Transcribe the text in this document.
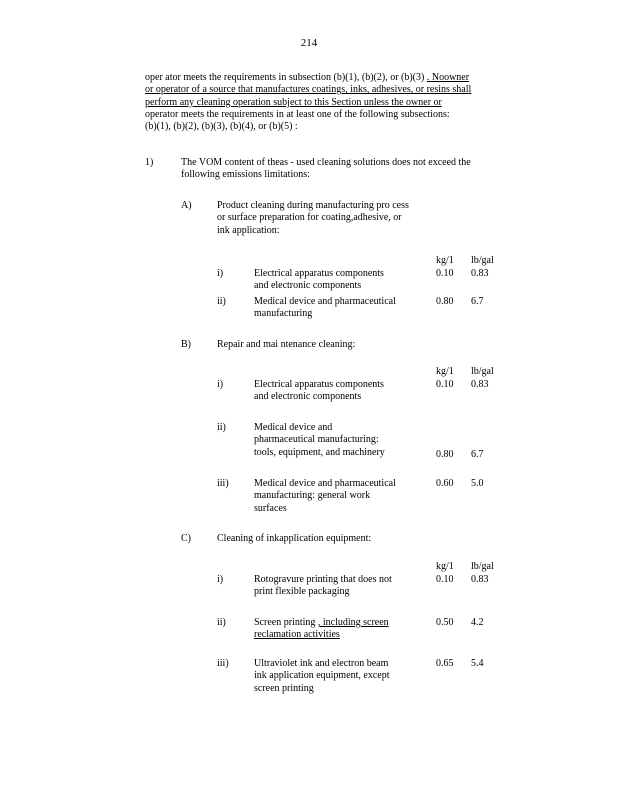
214

oper ator meets the requirements in subsection (b)(1), (b)(2), or (b)(3) . Noowner

or operator of a source that manufactures coatings, inks, adhesives, or resins shall

perform any cleaning operation subject to this Section unless the owner or

operator meets the requirements in at least one of the following subsections:

(b)(1), (b)(2), (b)(3), (b)(4), or (b)(5) :

1)	The VOM content of theas - used cleaning solutions does not exceed the
following emissions limitations:
A)	Product cleaning during manufacturing pro cess
or surface preparation for coating,adhesive, or
ink application:
kg/1 lb/gal
i)	Electrical apparatus components
and electronic components
0.10 0.83
ii)	Medical device and pharmaceutical
manufacturing
0.80 6.7
B)	Repair and mai ntenance cleaning:
kg/1 lb/gal
i)	Electrical apparatus components
and electronic components
0.10 0.83
ii)	Medical device and
pharmaceutical manufacturing:
tools, equipment, and machinery	0.80 6.7
iii)	Medical device and pharmaceutical
manufacturing: general work
surfaces
0.60 5.0
C)	Cleaning of inkapplication equipment:
kg/1 lb/gal
i)	Rotogravure printing that does not
print flexible packaging
0.10 0.83
ii)	Screen printing , including screen
reclamation activities
0.50 4.2
iii)	Ultraviolet ink and electron beam
ink application equipment, except
screen printing
0.65 5.4
